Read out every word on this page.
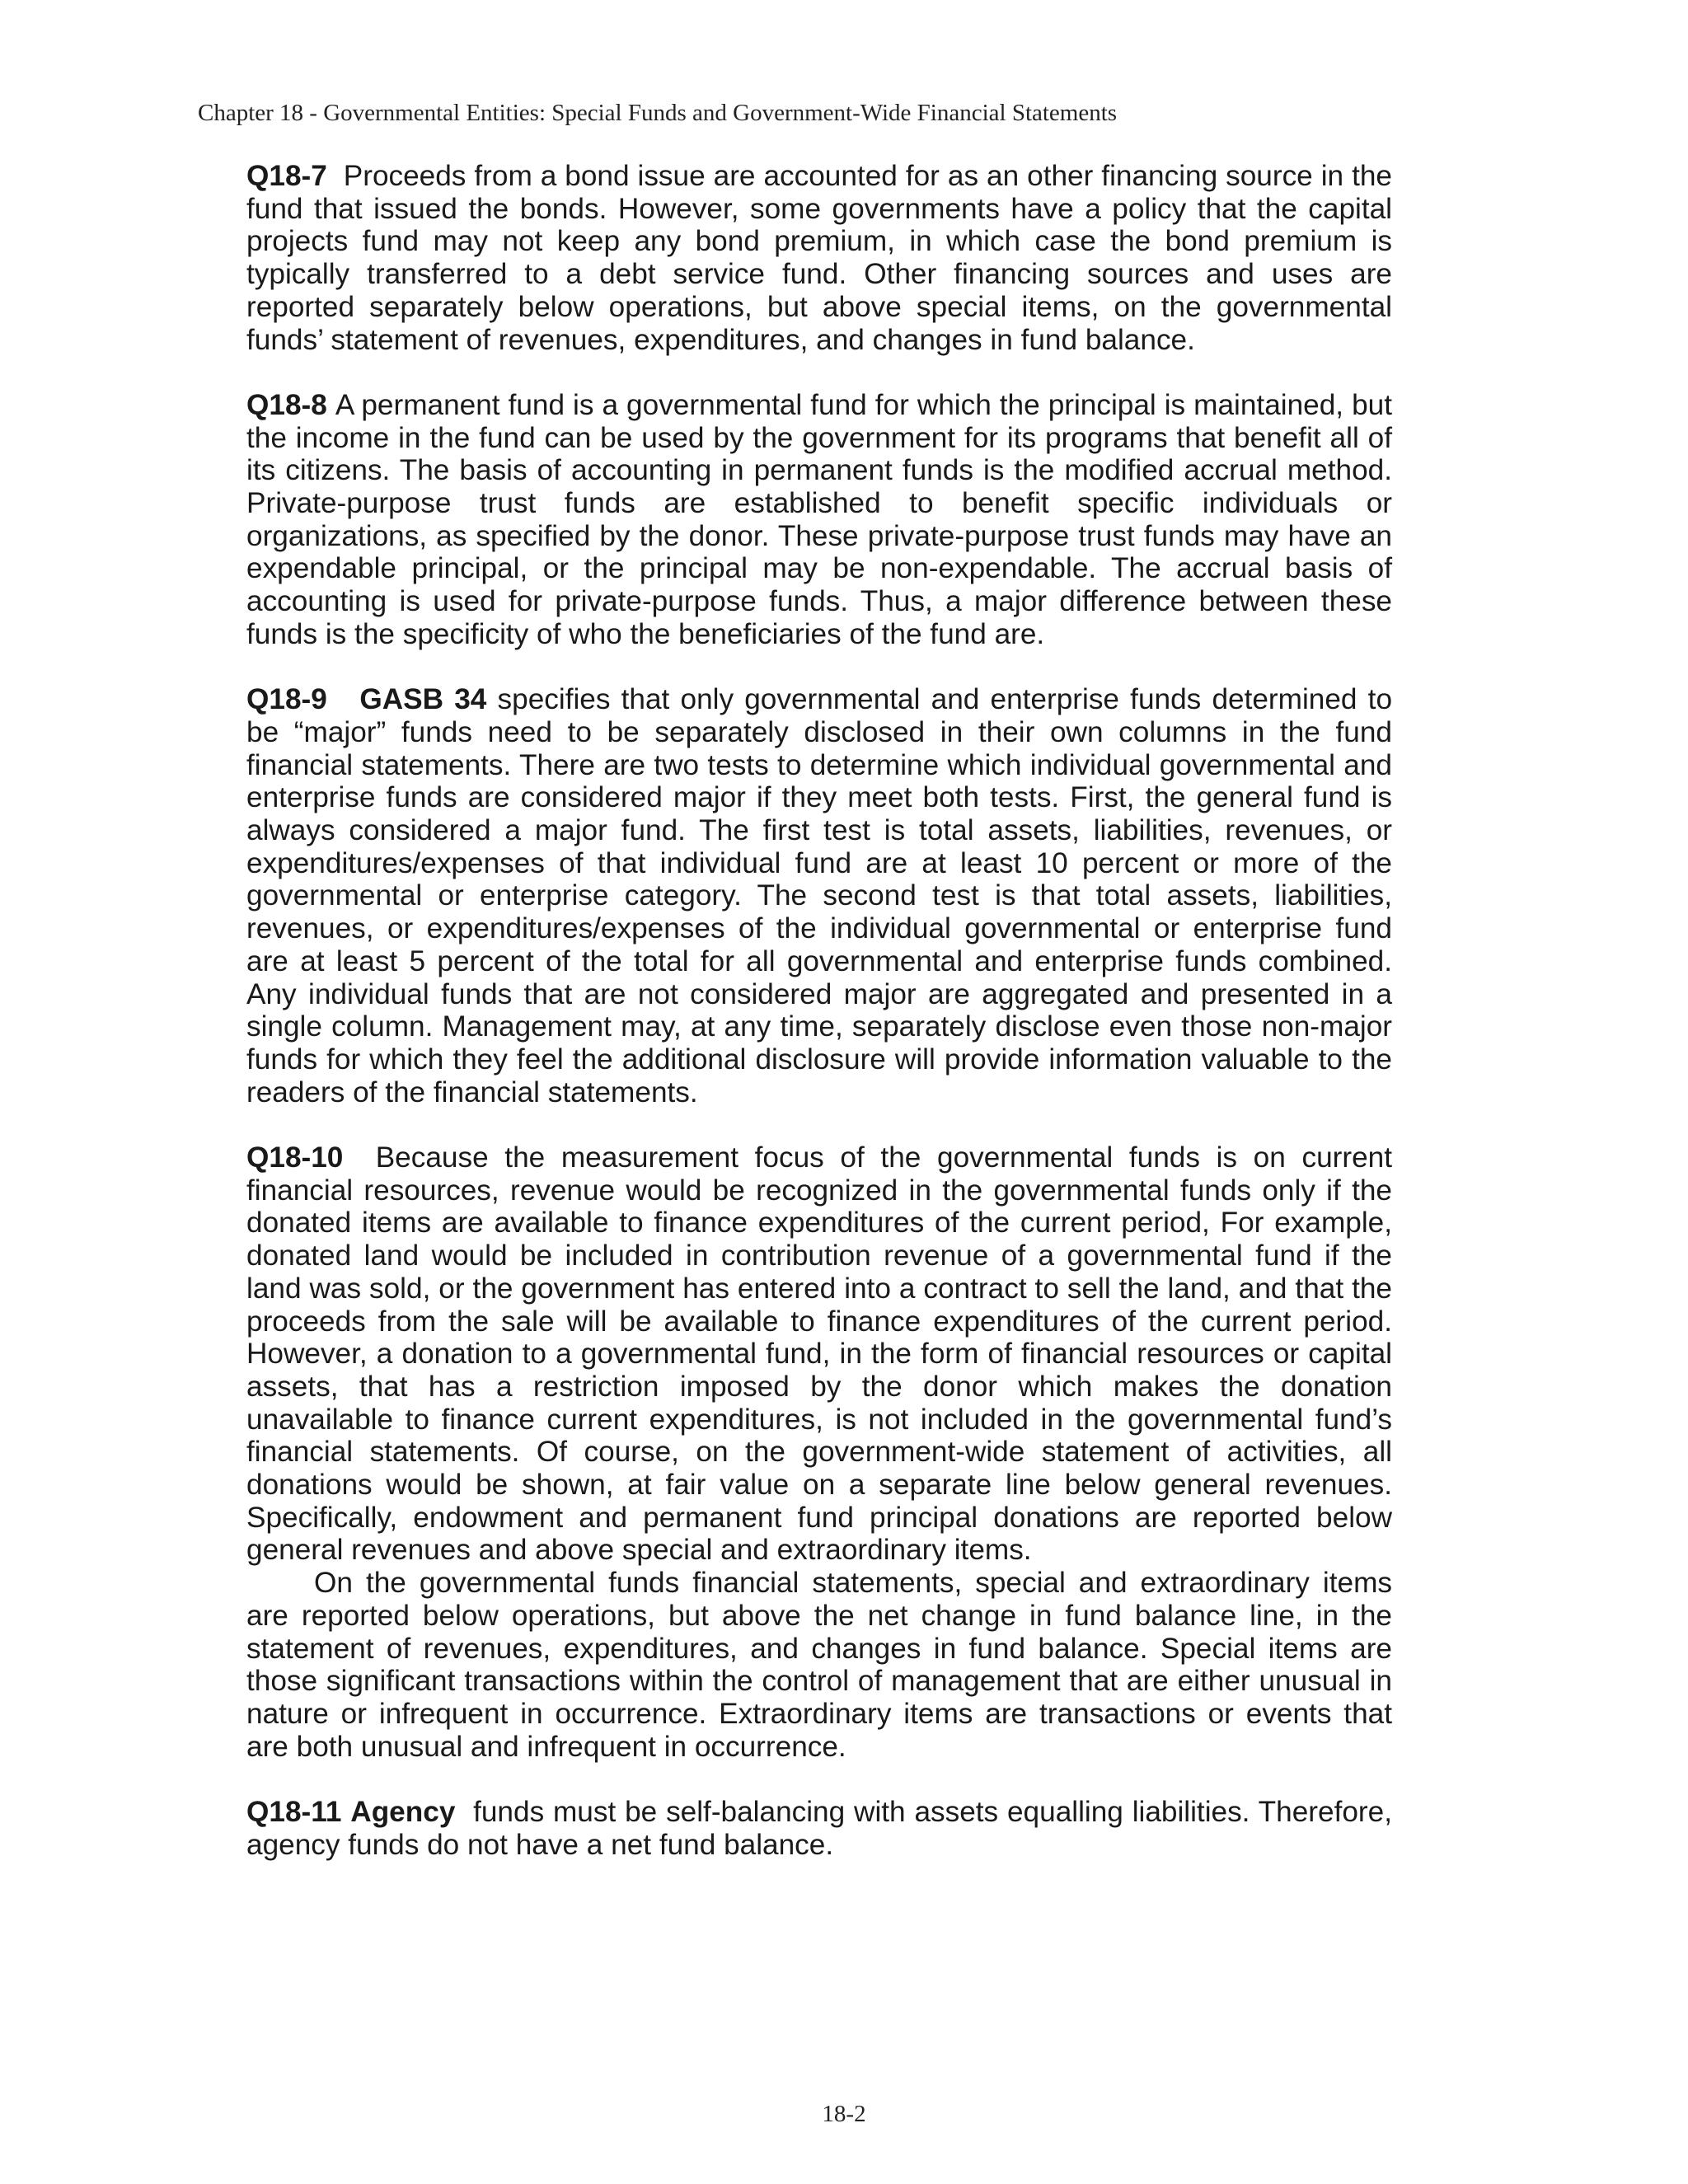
Chapter 18 - Governmental Entities: Special Funds and Government-Wide Financial Statements

Q18-7 Proceeds from a bond issue are accounted for as an other financing source in the fund that issued the bonds. However, some governments have a policy that the capital projects fund may not keep any bond premium, in which case the bond premium is typically transferred to a debt service fund. Other financing sources and uses are reported separately below operations, but above special items, on the governmental funds’ statement of revenues, expenditures, and changes in fund balance.

Q18-8 A permanent fund is a governmental fund for which the principal is maintained, but the income in the fund can be used by the government for its programs that benefit all of its citizens. The basis of accounting in permanent funds is the modified accrual method. Private-purpose trust funds are established to benefit specific individuals or organizations, as specified by the donor. These private-purpose trust funds may have an expendable principal, or the principal may be non-expendable. The accrual basis of accounting is used for private-purpose funds. Thus, a major difference between these funds is the specificity of who the beneficiaries of the fund are.

Q18-9 GASB 34 specifies that only governmental and enterprise funds determined to be “major” funds need to be separately disclosed in their own columns in the fund financial statements. There are two tests to determine which individual governmental and enterprise funds are considered major if they meet both tests. First, the general fund is always considered a major fund. The first test is total assets, liabilities, revenues, or expenditures/expenses of that individual fund are at least 10 percent or more of the governmental or enterprise category. The second test is that total assets, liabilities, revenues, or expenditures/expenses of the individual governmental or enterprise fund are at least 5 percent of the total for all governmental and enterprise funds combined. Any individual funds that are not considered major are aggregated and presented in a single column. Management may, at any time, separately disclose even those non-major funds for which they feel the additional disclosure will provide information valuable to the readers of the financial statements.

Q18-10 Because the measurement focus of the governmental funds is on current financial resources, revenue would be recognized in the governmental funds only if the donated items are available to finance expenditures of the current period, For example, donated land would be included in contribution revenue of a governmental fund if the land was sold, or the government has entered into a contract to sell the land, and that the proceeds from the sale will be available to finance expenditures of the current period. However, a donation to a governmental fund, in the form of financial resources or capital assets, that has a restriction imposed by the donor which makes the donation unavailable to finance current expenditures, is not included in the governmental fund’s financial statements. Of course, on the government-wide statement of activities, all donations would be shown, at fair value on a separate line below general revenues. Specifically, endowment and permanent fund principal donations are reported below general revenues and above special and extraordinary items.

On the governmental funds financial statements, special and extraordinary items are reported below operations, but above the net change in fund balance line, in the statement of revenues, expenditures, and changes in fund balance. Special items are those significant transactions within the control of management that are either unusual in nature or infrequent in occurrence. Extraordinary items are transactions or events that are both unusual and infrequent in occurrence.

Q18-11 Agency funds must be self-balancing with assets equalling liabilities. Therefore, agency funds do not have a net fund balance.

18-2
